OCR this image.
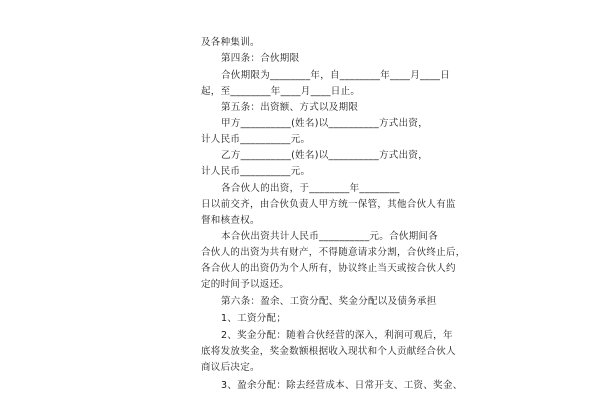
及各种集训。
第四条：合伙期限
合伙期限为________年，自________年____月____日
起，至________年____月____日止。
第五条：出资额、方式以及期限
甲方__________(姓名)以__________方式出资，
计人民币__________元。
乙方__________(姓名)以__________方式出资，
计人民币__________元。
各合伙人的出资，于________年________
日以前交齐，由合伙负责人甲方统一保管，其他合伙人有监
督和核查权。
本合伙出资共计人民币__________元。合伙期间各
合伙人的出资为共有财产，不得随意请求分割，合伙终止后，
各合伙人的出资仍为个人所有，协议终止当天或按合伙人约
定的时间予以返还。
第六条：盈余、工资分配、奖金分配以及债务承担
1、工资分配；
2、奖金分配：随着合伙经营的深入，利润可观后，年
底将发放奖金，奖金数额根据收入现状和个人贡献经合伙人
商议后决定。
3、盈余分配：除去经营成本、日常开支、工资、奖金、
